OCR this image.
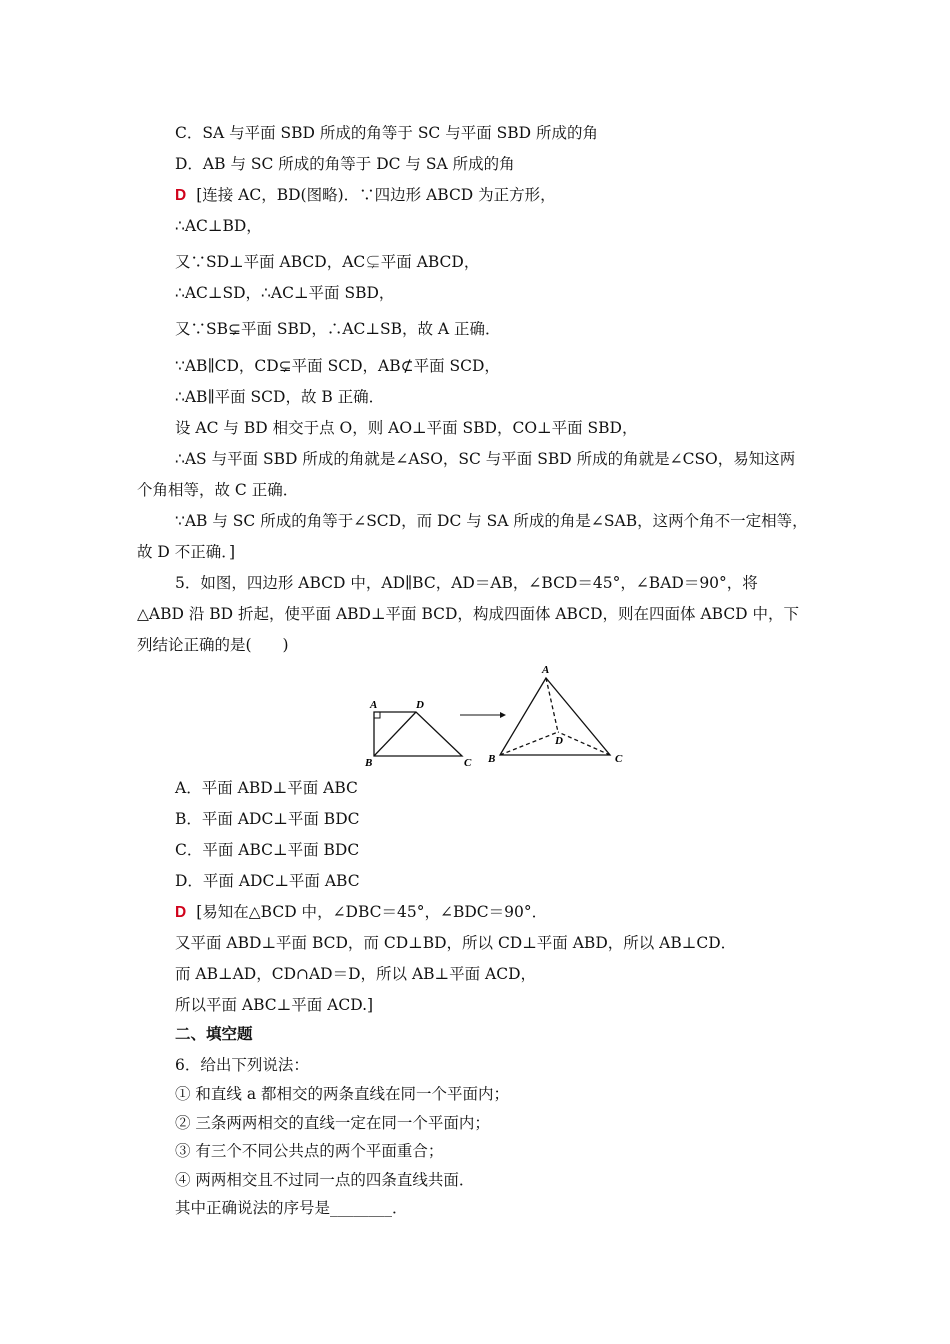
C．SA 与平面 SBD 所成的角等于 SC 与平面 SBD 所成的角
D．AB 与 SC 所成的角等于 DC 与 SA 所成的角
D [连接 AC，BD(图略)．∵四边形 ABCD 为正方形，
∴AC⊥BD，
又∵SD⊥平面 ABCD，AC⊊平面 ABCD，
∴AC⊥SD，∴AC⊥平面 SBD，
又∵SB⊊平面 SBD，∴AC⊥SB，故 A 正确．
∵AB∥CD，CD⊊平面 SCD，AB⊄平面 SCD，
∴AB∥平面 SCD，故 B 正确．
设 AC 与 BD 相交于点 O，则 AO⊥平面 SBD，CO⊥平面 SBD，
∴AS 与平面 SBD 所成的角就是∠ASO，SC 与平面 SBD 所成的角就是∠CSO，易知这两
个角相等，故 C 正确．
∵AB 与 SC 所成的角等于∠SCD，而 DC 与 SA 所成的角是∠SAB，这两个角不一定相等，
故 D 不正确．]
5．如图，四边形 ABCD 中，AD∥BC，AD＝AB，∠BCD＝45°，∠BAD＝90°，将
△ABD 沿 BD 折起，使平面 ABD⊥平面 BCD，构成四面体 ABCD，则在四面体 ABCD 中，下
列结论正确的是(　　)
A	D
B	C
A
D
B	C
A．平面 ABD⊥平面 ABC
B．平面 ADC⊥平面 BDC
C．平面 ABC⊥平面 BDC
D．平面 ADC⊥平面 ABC
D [易知在△BCD 中，∠DBC＝45°，∠BDC＝90°．
又平面 ABD⊥平面 BCD，而 CD⊥BD，所以 CD⊥平面 ABD，所以 AB⊥CD．
而 AB⊥AD，CD∩AD＝D，所以 AB⊥平面 ACD，
所以平面 ABC⊥平面 ACD.]
二、填空题
6．给出下列说法：
① 和直线 a 都相交的两条直线在同一个平面内；
② 三条两两相交的直线一定在同一个平面内；
③ 有三个不同公共点的两个平面重合；
④ 两两相交且不过同一点的四条直线共面．
其中正确说法的序号是________．
